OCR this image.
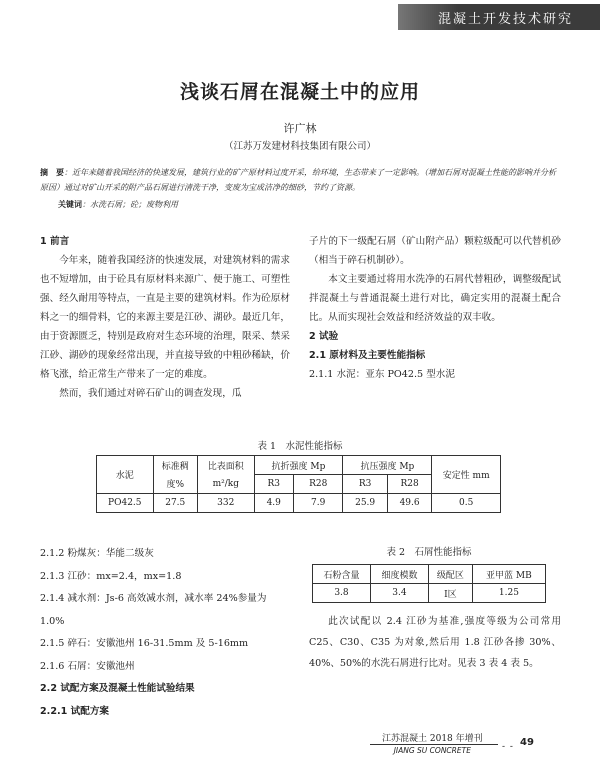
混凝土开发技术研究
浅谈石屑在混凝土中的应用
许广林
（江苏万发建材科技集团有限公司）
摘　要：近年来随着我国经济的快速发展，建筑行业的矿产原材料过度开采，给环境，生态带来了一定影响。（增加石屑对混凝土性能的影响并分析原因）通过对矿山开采的附产品石屑进行清洗干净，变废为宝成洁净的细砂，节约了资源。
关键词：水洗石屑；砼；废物利用

1 前言

今年来，随着我国经济的快速发展，对建筑材料的需求也不短增加，由于砼具有原材料来源广、便于施工、可塑性强、经久耐用等特点，一直是主要的建筑材料。作为砼原材料之一的细骨料，它的来源主要是江砂、湖砂。最近几年，由于资源匮乏，特别是政府对生态环境的治理，限采、禁采江砂、湖砂的现象经常出现，并直接导致的中粗砂稀缺，价格飞涨，给正常生产带来了一定的难度。

然而，我们通过对碎石矿山的调查发现，瓜

子片的下一级配石屑（矿山附产品）颗粒级配可以代替机砂（相当于碎石机制砂）。

本文主要通过将用水洗净的石屑代替粗砂，调整级配试拌混凝土与普通混凝土进行对比，确定实用的混凝土配合比。从而实现社会效益和经济效益的双丰收。

2 试验

2.1 原材料及主要性能指标

2.1.1 水泥：亚东 PO42.5 型水泥

表 1　水泥性能指标
水泥	标准稠	比表面积	抗折强度 Mp		抗压强度 Mp		安定性 mm
	度%	m²/kg	R3	R28	R3	R28	
PO42.5	27.5	332	4.9	7.9	25.9	49.6	0.5
2.1.2 粉煤灰：华能二级灰
2.1.3 江砂：mx=2.4，mx=1.8
2.1.4 减水剂：Js-6 高效减水剂，减水率 24%参量为
1.0%
2.1.5 碎石：安徽池州 16-31.5mm 及 5-16mm
2.1.6 石屑：安徽池州
2.2 试配方案及混凝土性能试验结果
2.2.1 试配方案
表 2　石屑性能指标
石粉含量	细度模数	级配区	亚甲蓝 MB
3.8	3.4	Ⅰ区	1.25
此次试配以 2.4 江砂为基准,强度等级为公司常用 C25、C30、C35 为对象,然后用 1.8 江砂各掺 30%、40%、50%的水洗石屑进行比对。见表 3 表 4 表 5。
江苏混凝土 2018 年增刊
JIANG SU CONCRETE	- - 49
